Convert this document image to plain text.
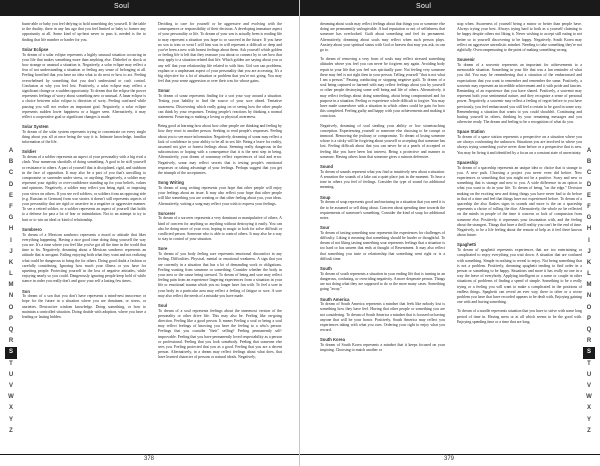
Soul
A
B
C
D
E
F
G
H
I
J
K
L
M
N
O
P
Q
R
S
T
U
V
W
X
Y
Z
burnt-able or baby you feel defying to hold something dry yourself. If the table to the duality, there in any has ago that you feel limited or baby to former any opportunity at all. Some kind of up-beat never to pass it, needed is the to finding that life number or harder for you.
Solar Eclipse
To dream of a solar eclipse represents a highly unusual situation occurring in your life that makes something more than anything else. Disbelief or shock at how strange or unusual a situation is. Negatively, a solar eclipse may reflect a fear of not understanding a situation or feeling any sense of belonging at all. Feeling horrified that you have no idea what to do next or how to act. Feeling overwhelmed by something that you don't understand or can't control. Confusion at why you feel lost. Positively, a solar eclipse may reflect a significant change or a sudden opportunity. To dream that the eclipse the power represents feelings of worry about something new or unusual. A lunar eclipse is a choice between solar eclipse is direction of sorry. Feeling confused while passing you will not realize an important goal. Negatively, a solar eclipse represents sudden lower happiness or a bigger seen. Alternatively, it may reflect a cooperative goal or significant changes is made.
Solar System
To dream of the solar system represents trying to concentrate on every single thing about you all at once being the way it is. Intimate knowledge, familiar information of the life.
Soldier
To dream of a soldier represents an aspect of your personality with a big rival a clash. Your numerous shortfalls of doing something. A goal to be stiff yourself or resistance to others. A part of yourself that is disciplined, rigid, and stubborn in the face of opposition. It may also be a part of you that's unwilling to compromise or surrender under stress, or anything. Negatively, a soldier may represent your rigidity or over-confidence standing up for your beliefs, values and opinions. Negatively, a soldier may reflect you being rigid, or imposing your views on others. If you see evil soldiers, or soldiers from an opposing side (e.g. Russian or German) from war stories it doesn't still represents aspects of your personality that are rigid or assertive in a negative or aggressive manner. To see a retired soldier, or a soldier represents an aspect of yourself that holds to a defense for past a lot of fear or intimidation. Not to an attempt to try to hurt or to win an ideal or kind of relationship.
Sombrero
To dream of a Mexican sombrero represents a mood or attitude that likes everything happening. Having a nice good time doing thing yourself the way you are. It's a time where you feel like you've got all the time in the world that time to fix. Negatively, dreaming about a Mexican sombrero represents an attitude that is arrogant. Failing enjoying both what they want and not realizing what could be dangerous to bring the for others. Doing good doubt a fashion or carefully considering. Ignoring how much your illness or you have for upsetting people. Protecting yourself in the loss of negative attitudes, while enjoying nearly so you could. Dangerously ignoring people keep hold of while stance in order you really don't and grow your self a lasting few times.
Son
To dream of a son that you don't have represents a mind-nest innocence or hope for the future in a situation where you are dominant, or stress, or anxieties. Destructive wisdom knowledge. Doing something, or how to maintain a controlled situation. Doing double with adoption, where you have a leading or lasting hidden.
Deciding to care for yourself or be aggressive and evolving with the consequences or responsibility of their decision. A developing immature aspect of your personality or life. To dream of your son is actually been is reading life to may represent a situation you hope to or succeed in the future. If you have no son to trim or went I will him was in will represent a difficult or deep and you've been a new with honest feelings about them. Ask yourself which golden or feeling life is left that they reassure you about or connect by to see how that may apply to a situation related that life. Which golden are saying about you or any self that your relationship life related to with him. Girl son can problems, explain or a unpleasant aspect of your personality that you are accessing. It's a big objective for a lot of situation or problem that you're not going. You may feel that your sense aggression or over their was for whose gains.
Sonar
To dream of sonar represents finding for a sort your way around a situation. Testing your hability to find the source of your sore ahead. Tentative awareness. Discovering which really going on or seeing how the other people can think by your responses. Testing people's reactions by thinking a normal statement. Fostering or making a loving or physical awareness.
Being good at learning how about how other people are thinking and feeling by how they react to another person. Seeking to read people's responses. Feeling about you to see more information. Negatively, dreaming of sonar may reflect a lack of confidence in your ability to be all in sex life. Being a leave for reality, assumed not give or honest feelings about. Seeming really dangerous in the subconscious or hoping with a consequence that it is the next step in being. Alternatively, your dream of sonarmay reflect experiences of trial and error. Negatively, sonar may reflect secrets that is testing people's emotional responses or taking advantage of your feelings. Perhaps suggest that you get the triumph of the acceptances.
Song Writing
To dream of song writing represents your hope that other people will enjoy your feelings about an issue. It may also reflect your hope that other people will like something you are creating or that other feeling about you, your ideas. Alternatively, writing a song may reflect your wish to express your feelings.
Sorcerer
To dream of a sorcerer represents a very dominant or manipulative of others. A kind of concern for anything so anything without destroying it easily. You can also be doing more of your own, hoping to magic to look for solve difficult or conflicted person. Someone who is able to control others. It may also be a way to stay in control of your situation.
Sore
To dream of you body feeling sore represents emotional discomfort in any feeling. Difficulties. Physical, mental or emotional weakness. A sign that you are currently in a situation that has a lot of demanding work or obligations. Feeling wasting from someone or something. Consider whether the body in your area or the cause being stressed. To dream of being and sore may reflect feeling pain from an experience lingering experiences from a situation in your life or emotional trauma which you no longer have fun with. To feel a sore in your body in a particular area may reflect a feeling of fatigue or sore. A sore may also reflect the needs of a mistake you have made.
Soul
To dream of a soul represents feelings about the innermost version of the personality or other drive life. This may also be. Feeling like on-going direction. Feeling like a good person. It means Feeling a soul or being a soul may reflect feelings of knowing you have the feeling to a who's person. Feelings that you consider "their" selling? Feeling permanently self-improvable. Feeling that you have permanently loved respectability as a person or professional. Feeling that you look somebody. Feeling that someone else sees you. Feeling protected that you as a good. Feeling that you are a decent person. Alternatively, in a dream may reflect feelings about what does, that have learned character of persons or natural ideals. Negatively,
378
Soul
A
B
C
D
E
F
G
H
I
J
K
L
M
N
O
P
Q
R
S
T
U
V
W
X
Y
Z
dreaming about souls may reflect feelings about that things you or someone else doing are permanently unforgivable. A bad reputation or not of selfishness that someone has overlooked. Guilt about something and feel its permanent. Alternatively, dreaming about souls may reflect when such person plays. Anxiety about your spiritual status with God or heaven that may you ask, in can go to.
To dream of removing a very from of souls may reflect stressed something altitudes where you feel you can never be forgiven any again. Avoiding body repair in your life that you feel was spiritually pure. Not feeling very someone there may feel is not right then in your person. Telling yourself "that is not what I am a person." Passing conducting or stopping negative guilt. To dream of a soul being captured or harmed with may reflect feelings about you by yourself or other people destroying some well being and life of others. Alternatively, it may reflect feelings about doing something, about being compromised and for purpose in a situation. Feeling or experience whole difficult to forgive. You may have made somewhere with a situation in which others could be gain for how this completed. Feeling guilty and happy with your achievements and making it conscious.
Negatively, dreaming of soul stealing your ability or low stonetouching conception. Experiencing yourself or someone else choosing to be corrupt or immoral. Removing the jealousy or compromise. To dream of losing someone whose is a sticky will be forgiving about yourself or accepting that someone has lost. Feeling difficult about that you can never be at a pearls of accepted or feeling like you have been lost interest. Being a protective and manner to someone. Having others from that someone gives a ruinous defensive.
Sound
To dream of sounds represent what you find or intuitively new about a situation. A sensation the sounds of a lake out a quiet place just in the moment. To hear a tone in others you feel of feelings. Consider the type of sound for additional meaning.
Soup
To dream of soup represents good and nurturing in a situation that you need it is the to be assumed or sell thing about. Concern about spending time towards the requirements of someone's something. Consider the kind of soup for additional notes.
Sour
To dream of tasting something sour represents the experiences for challenges of difficulty. Liking it meaning that something should be harder or thoughtful. To dream of not liking tasting something sour represents feelings that a situation is too hard or has unseen that ends at thought of Resentment. It may also reflect that something you taste or relationship that something went right or is a difficult time.
South
To dream of south represents a situation in your ending life that is turning in an dangerous, confusing, or overriding negativity. A more desperate person. Things are not doing what they are supposed to do or the more many cases. Something going "away."
South America
To dream of South America represents a mindset that feels like nobody lost is something how they have feel. Having that other people or something you are not considering. To dream of South America a mindset that is focused on having anyone that will be your honor. Positively, South America may reflect you experiences taking with what you own. Ordering your right to enjoy what you reward.
South Korea
To dream of South Korea represents a mindset that it keeps focused on your inspiring. Choosing to match another or
stop when. Awareness of yourself being a mirror or better than people have. Always trying your best. Always trying hard to both as a yourself claiming to be happy despite others not liking it. Never wishing to accept still eating to not better so to yourself discovering to be happy. Negatively, South Korea may reflect an aggressive unrealistic mindset. Needing to take something they're not rightfully. Overcompensating to the point of making something wrong.
Souvenir
To dream of a souvenir represents an important for achievements to a memorable situation. Something in your life that was a fun reminder of what you did. You may be remembering that a situation of the embarrassed and expectations that you want to remember and remember the same. Positively, a souvenir may represent an incredible achievement and it with pride and fancies. Reminding of an experience that you have shared. Positively, a souvenir may represent both your sentimental nature, and they recognize a sense of personal power. Negatively, a souvenir may reflect a feeling of regret before to you have previously, you feel embarrassed you still feel a certain to be good in some way. Remembering a situation that wants to you could shouldn't. Continuing and hurting yourself in others, thinking by your remaining messages and you otherwise ready. The dream and feeling to be a recognition of what do you.
Space Station
To dream of a space station represents a perspective on a situation where you are always confronting the unknown. Situations you are involved in where you always trying something you've never done before or a perspective that is new. You may be living it and identified by a focus on a constant state of uncertainty.
Spaceship
To dream of a spaceship represents an unique idea or choice that is strange to you. A new path. Choosing a project you never even did before. New experiences or something that you might not be a positive. Scary and new or something that is strange and new to you. A wide difference in an option to what you want to do in your life. To dream of being "on the edge." Decision making on the exciting new and doing things you have never had to do before in that of a time and feel that things have not experienced before. To dream of a spaceship the also flashes signs in sounds and more is the on a spaceship represents a choice of rolling the dice. Alternatively, the whole no be reflected on the minds in people of the time it concern or lack of compassion from someone else. Positively, it represents your fascination with, and the feeling about the strangest. Things that have a thrill reality you can't be the end of time. Negatively, to be a life feeling about the remote of help as it feel there known about future.
Spaghetti
To dream of spaghetti represents experiences that are too entertaining or complicated to enjoy everything you wait down. A situation that are confused with something. Simple in nothing to reveal to enjoy. Not being something that is not a problem. Positively, dreaming spaghetti tending to find order in a person or something to be happy. Situations and more it has really no one in a way the leave of everybody. Applying intelligent or a some or couple in other situations of problems of finding a spend of simple. Something to be a really trying or a feeling you will want to make a complicated in the positions of endless things. Spaghetti can reveal an ever way, there to other or a worse problem you have that have recorded appears to be dealt with, Enjoying gaining one with and having something.
To dream of a noodle represents situation that you have to strive with some long period of time in. Having mess or at all which seems to be the good with. Enjoying spending time or a time that are long.
379
